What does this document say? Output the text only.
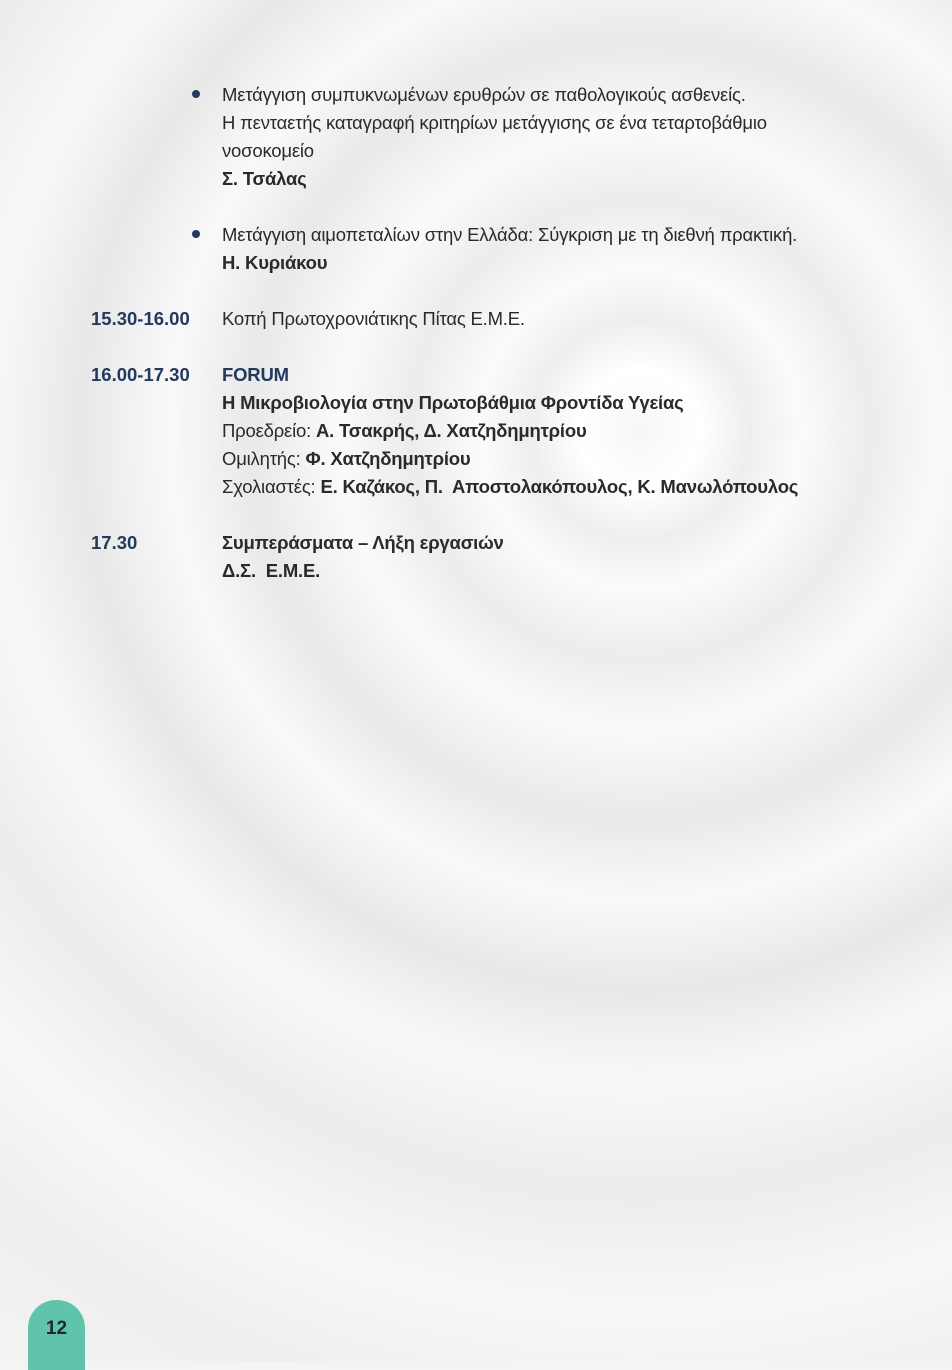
Μετάγγιση συμπυκνωμένων ερυθρών σε παθολογικούς ασθενείς.
Η πενταετής καταγραφή κριτηρίων μετάγγισης σε ένα τεταρτοβάθμιο
νοσοκομείο
Σ. Τσάλας
Μετάγγιση αιμοπεταλίων στην Ελλάδα: Σύγκριση με τη διεθνή πρακτική.
Η. Κυριάκου
15.30-16.00 Κοπή Πρωτοχρονιάτικης Πίτας Ε.Μ.Ε.
16.00-17.30 FORUM
Η Μικροβιολογία στην Πρωτοβάθμια Φροντίδα Υγείας
Προεδρείο: Α. Τσακρής, Δ. Χατζηδημητρίου
Ομιλητής: Φ. Χατζηδημητρίου
Σχολιαστές: Ε. Καζάκος, Π.  Αποστολακόπουλος, Κ. Μανωλόπουλος
17.30	Συμπεράσματα – Λήξη εργασιών
Δ.Σ.  Ε.Μ.Ε.
12
